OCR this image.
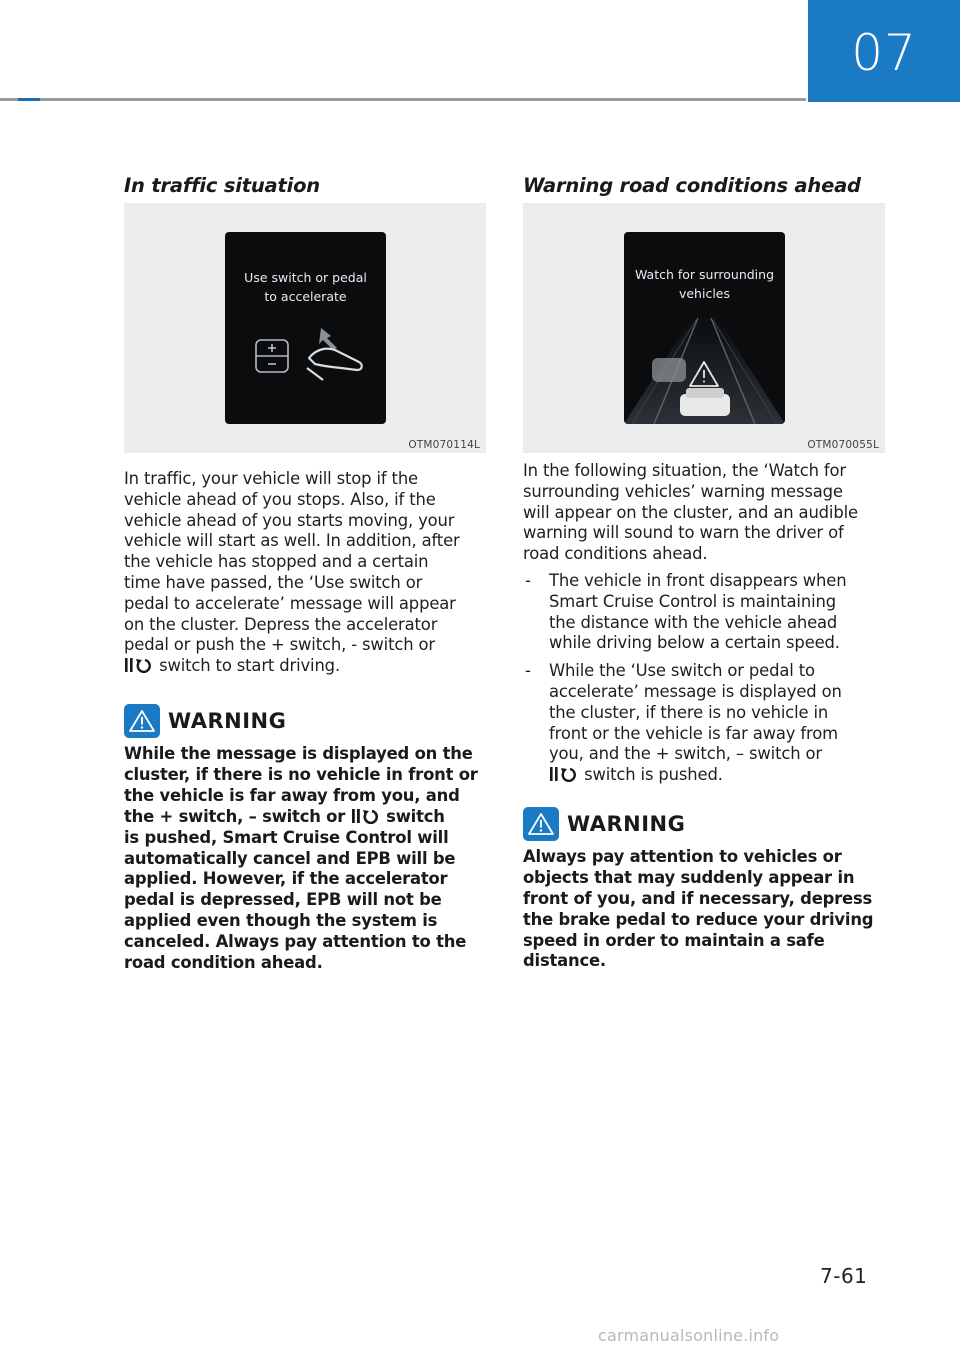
07
In traffic situation
Use switch or pedal
to accelerate
OTM070114L

In traffic, your vehicle will stop if the

vehicle ahead of you stops. Also, if the

vehicle ahead of you starts moving, your

vehicle will start as well. In addition, after

the vehicle has stopped and a certain

time have passed, the ‘Use switch or

pedal to accelerate’ message will appear

on the cluster. Depress the accelerator

pedal or push the + switch, - switch or

switch to start driving.

WARNING

While the message is displayed on the

cluster, if there is no vehicle in front or

the vehicle is far away from you, and

the + switch, – switch or	switch

is pushed, Smart Cruise Control will

automatically cancel and EPB will be

applied. However, if the accelerator

pedal is depressed, EPB will not be

applied even though the system is

canceled. Always pay attention to the

road condition ahead.

Warning road conditions ahead
Watch for surrounding
vehicles
OTM070055L

In the following situation, the ‘Watch for

surrounding vehicles’ warning message

will appear on the cluster, and an audible

warning will sound to warn the driver of

road conditions ahead.

- The vehicle in front disappears when

Smart Cruise Control is maintaining

the distance with the vehicle ahead

while driving below a certain speed.

- While the ‘Use switch or pedal to

accelerate’ message is displayed on

the cluster, if there is no vehicle in

front or the vehicle is far away from

you, and the + switch, – switch or

switch is pushed.

WARNING

Always pay attention to vehicles or

objects that may suddenly appear in

front of you, and if necessary, depress

the brake pedal to reduce your driving

speed in order to maintain a safe

distance.

7-61
carmanualsonline.info
